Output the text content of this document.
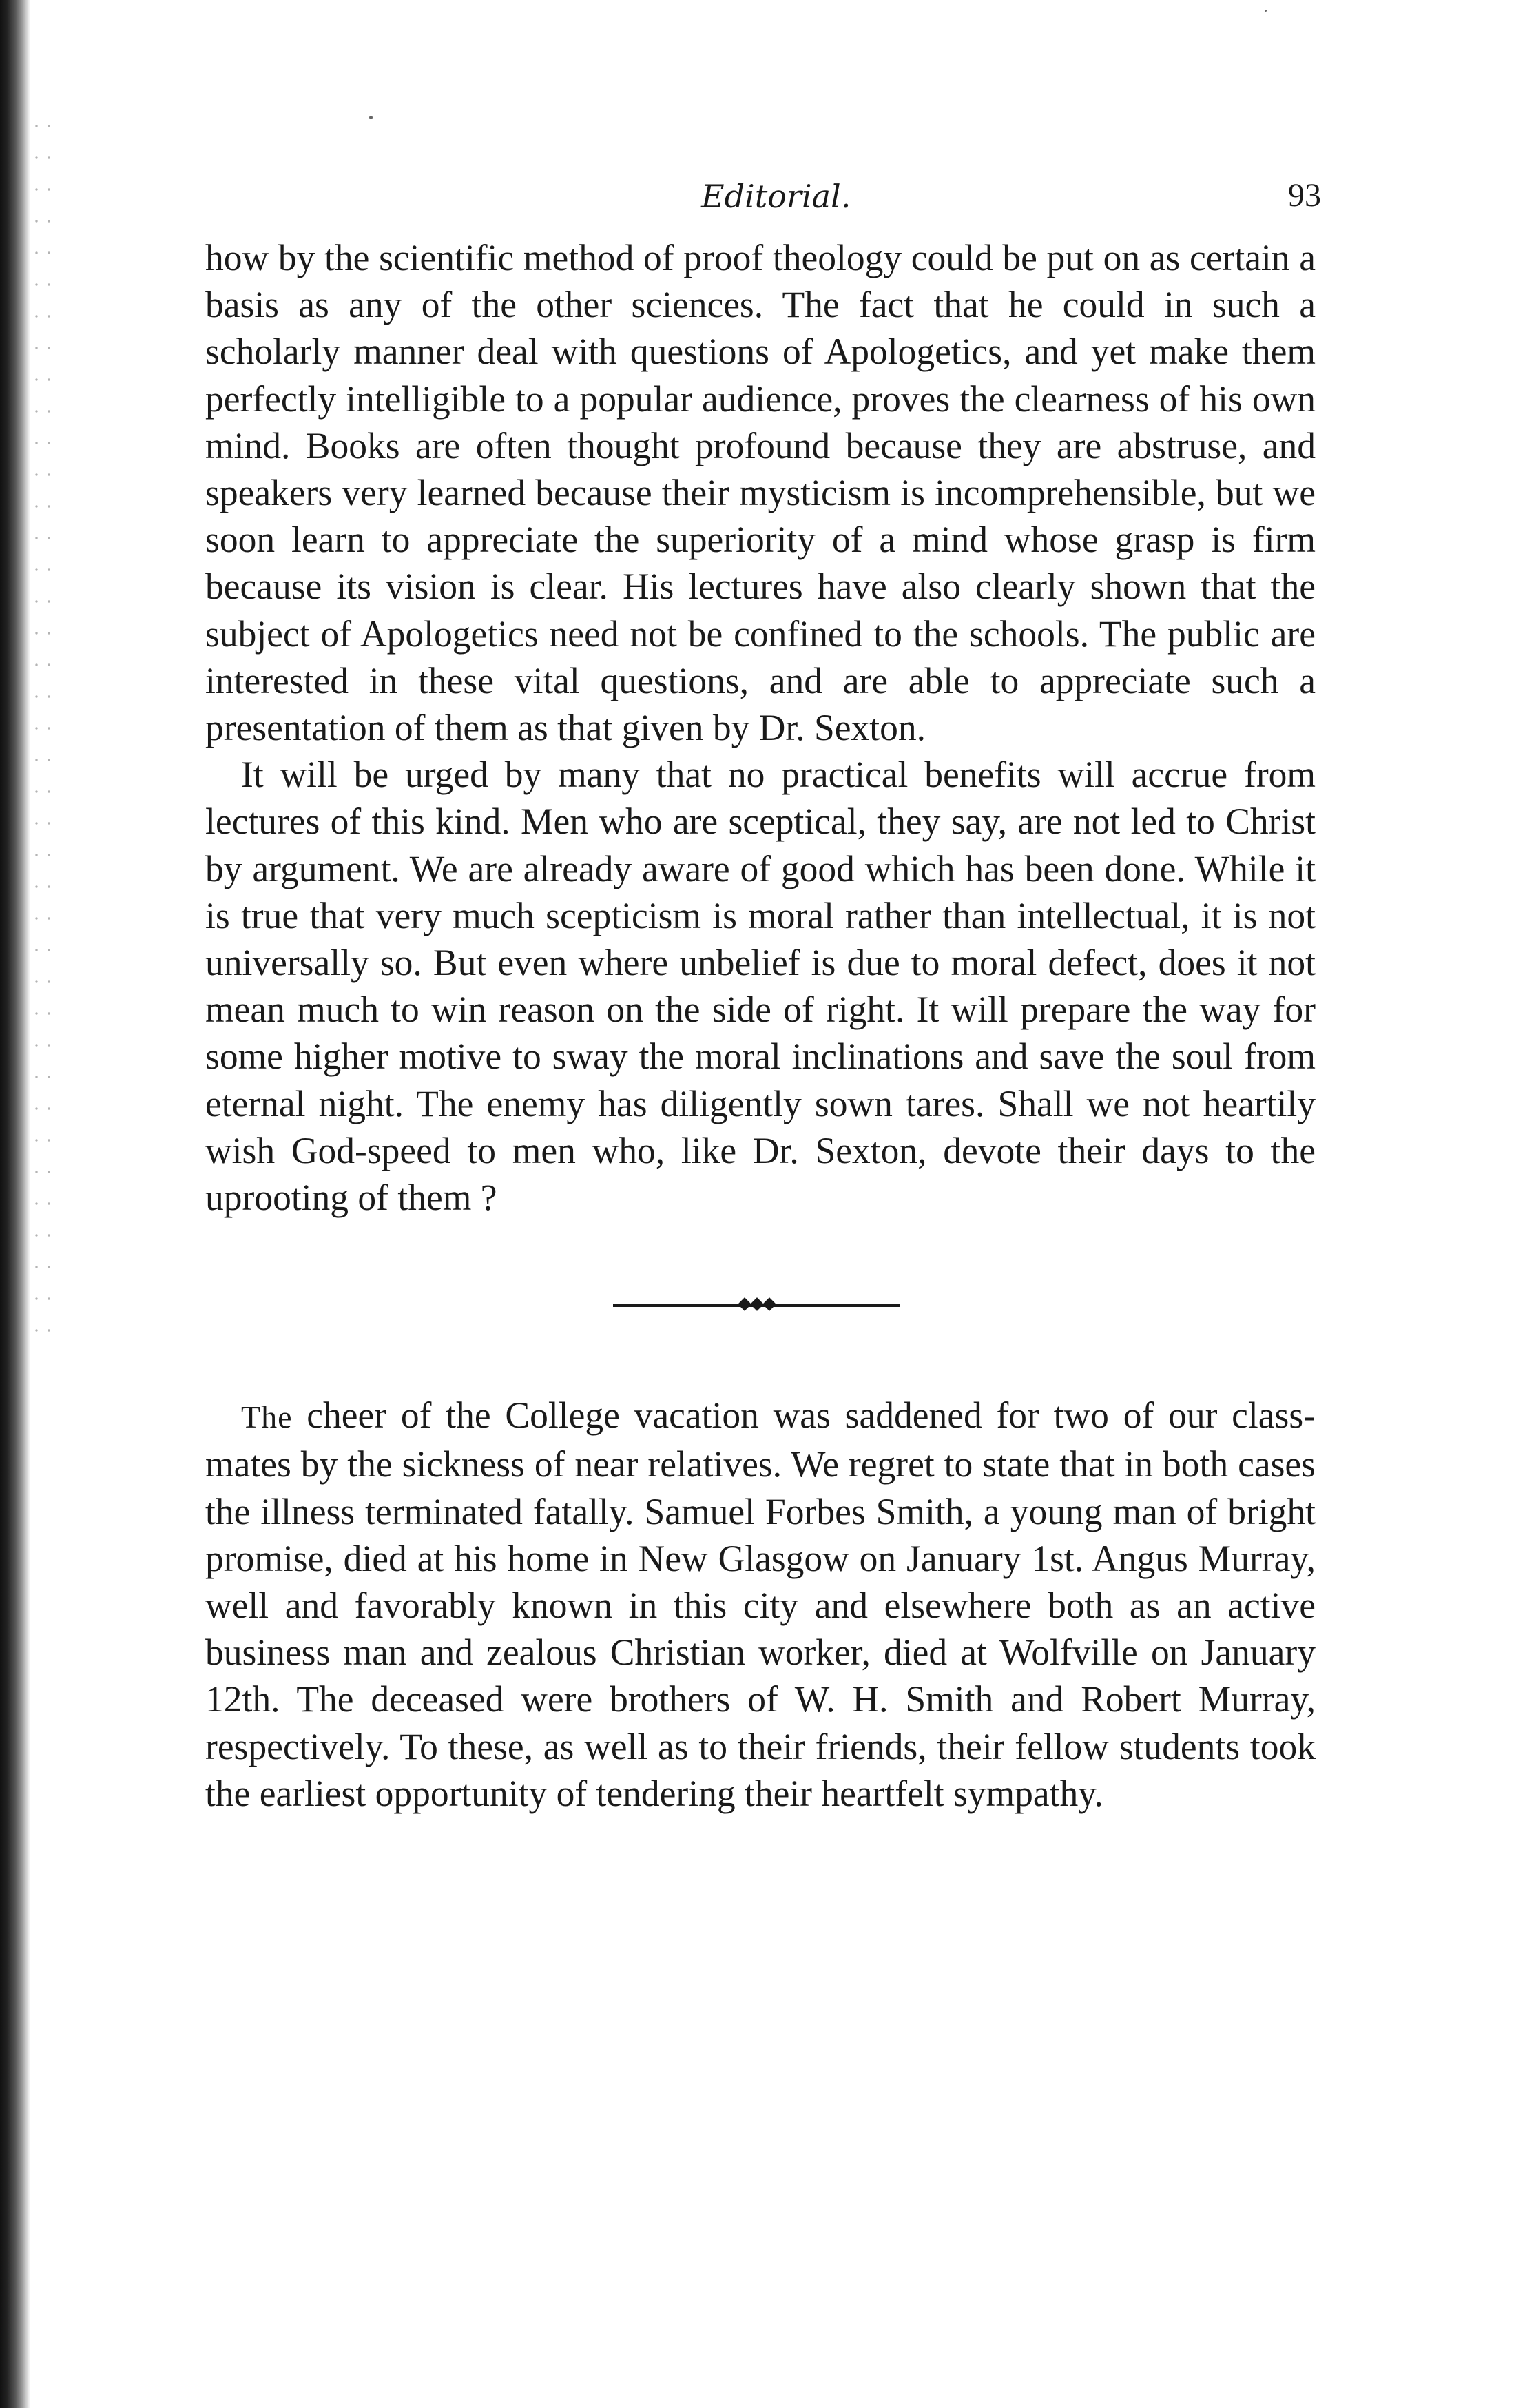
Editorial.	93

how by the scientific method of proof theology could be put on as certain a basis as any of the other sciences. The fact that he could in such a scholarly manner deal with questions of Apologetics, and yet make them perfectly intelligible to a popular audience, proves the clearness of his own mind. Books are often thought profound because they are abstruse, and speakers very learned because their mysticism is incomprehensible, but we soon learn to appreciate the superiority of a mind whose grasp is firm because its vision is clear. His lectures have also clearly shown that the subject of Apologetics need not be confined to the schools. The public are interested in these vital questions, and are able to appreciate such a presentation of them as that given by Dr. Sexton.

It will be urged by many that no practical benefits will accrue from lectures of this kind. Men who are sceptical, they say, are not led to Christ by argument. We are already aware of good which has been done. While it is true that very much scepticism is moral rather than intellectual, it is not universally so. But even where unbelief is due to moral defect, does it not mean much to win reason on the side of right. It will prepare the way for some higher motive to sway the moral inclinations and save the soul from eternal night. The enemy has diligently sown tares. Shall we not heartily wish God-speed to men who, like Dr. Sexton, devote their days to the uprooting of them ?

The cheer of the College vacation was saddened for two of our class-mates by the sickness of near relatives. We regret to state that in both cases the illness terminated fatally. Samuel Forbes Smith, a young man of bright promise, died at his home in New Glasgow on January 1st. Angus Murray, well and favorably known in this city and elsewhere both as an active business man and zealous Christian worker, died at Wolfville on January 12th. The deceased were brothers of W. H. Smith and Robert Murray, respectively. To these, as well as to their friends, their fellow students took the earliest opportunity of tendering their heartfelt sympathy.
